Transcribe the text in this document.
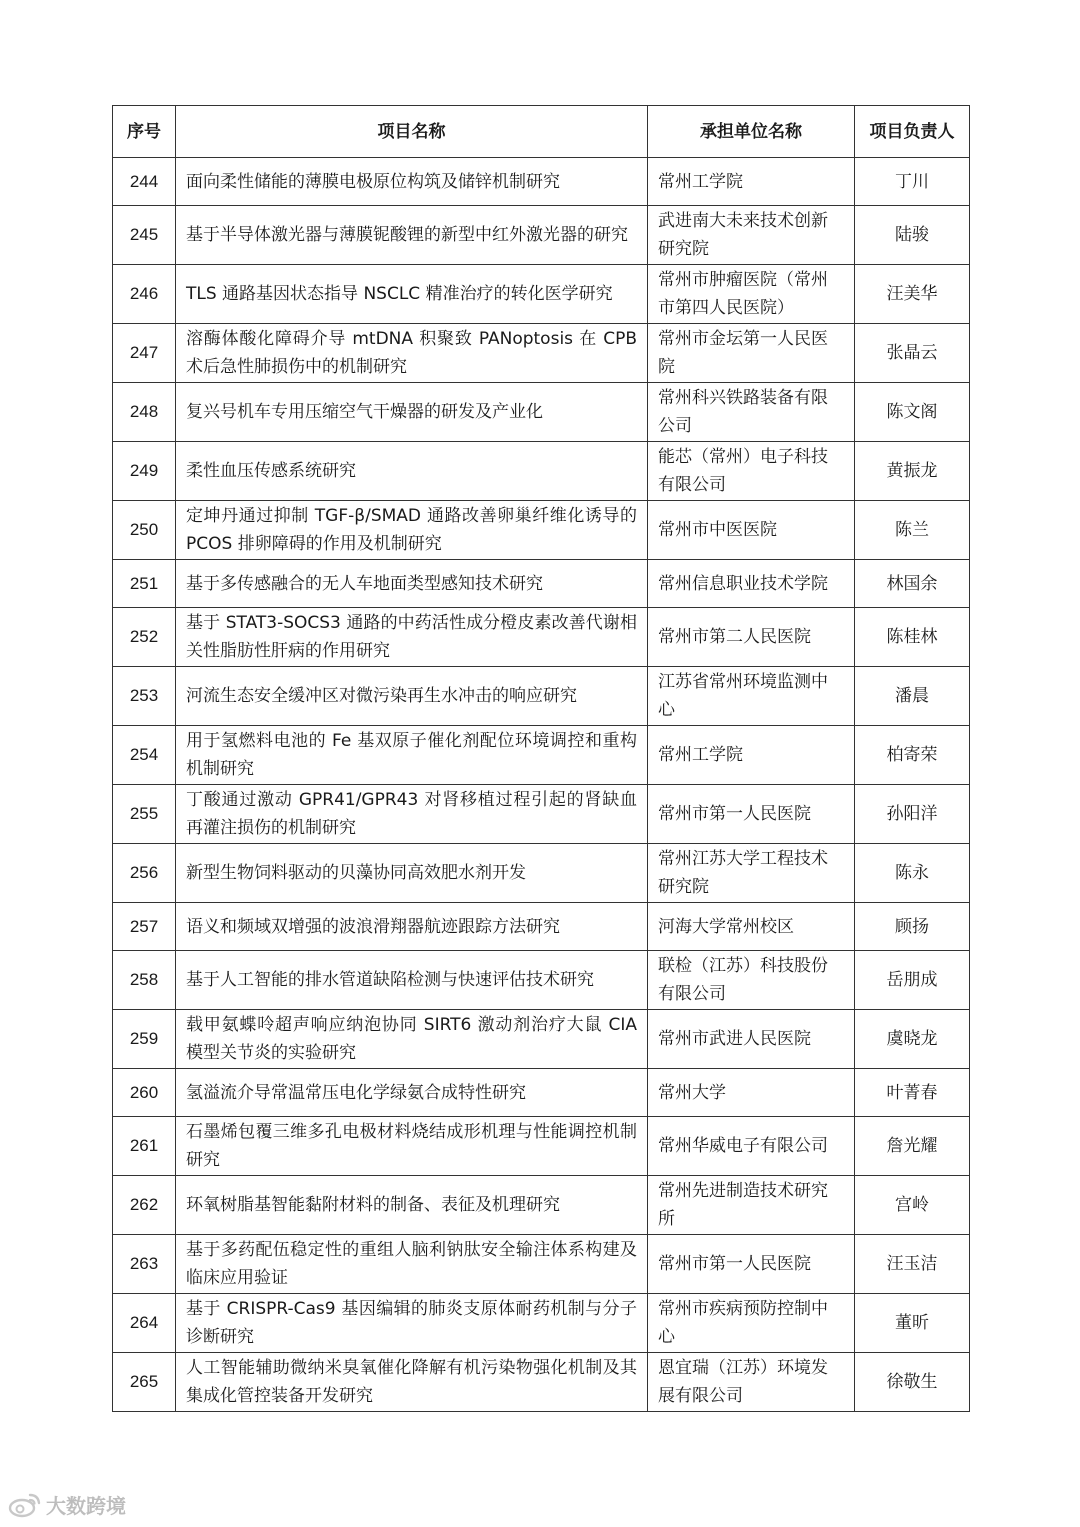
序号	项目名称	承担单位名称	项目负责人
244	面向柔性储能的薄膜电极原位构筑及储锌机制研究	常州工学院	丁川
245	基于半导体激光器与薄膜铌酸锂的新型中红外激光器的研究	武进南大未来技术创新研究院	陆骏
246	TLS 通路基因状态指导 NSCLC 精准治疗的转化医学研究	常州市肿瘤医院（常州市第四人民医院）	汪美华
247	溶酶体酸化障碍介导 mtDNA 积聚致 PANoptosis 在 CPB 术后急性肺损伤中的机制研究	常州市金坛第一人民医院	张晶云
248	复兴号机车专用压缩空气干燥器的研发及产业化	常州科兴铁路装备有限公司	陈文阁
249	柔性血压传感系统研究	能芯（常州）电子科技有限公司	黄振龙
250	定坤丹通过抑制 TGF-β/SMAD 通路改善卵巢纤维化诱导的 PCOS 排卵障碍的作用及机制研究	常州市中医医院	陈兰
251	基于多传感融合的无人车地面类型感知技术研究	常州信息职业技术学院	林国余
252	基于 STAT3-SOCS3 通路的中药活性成分橙皮素改善代谢相关性脂肪性肝病的作用研究	常州市第二人民医院	陈桂林
253	河流生态安全缓冲区对微污染再生水冲击的响应研究	江苏省常州环境监测中心	潘晨
254	用于氢燃料电池的 Fe 基双原子催化剂配位环境调控和重构机制研究	常州工学院	柏寄荣
255	丁酸通过激动 GPR41/GPR43 对肾移植过程引起的肾缺血再灌注损伤的机制研究	常州市第一人民医院	孙阳洋
256	新型生物饲料驱动的贝藻协同高效肥水剂开发	常州江苏大学工程技术研究院	陈永
257	语义和频域双增强的波浪滑翔器航迹跟踪方法研究	河海大学常州校区	顾扬
258	基于人工智能的排水管道缺陷检测与快速评估技术研究	联检（江苏）科技股份有限公司	岳朋成
259	载甲氨蝶呤超声响应纳泡协同 SIRT6 激动剂治疗大鼠 CIA 模型关节炎的实验研究	常州市武进人民医院	虞晓龙
260	氢溢流介导常温常压电化学绿氨合成特性研究	常州大学	叶菁春
261	石墨烯包覆三维多孔电极材料烧结成形机理与性能调控机制研究	常州华威电子有限公司	詹光耀
262	环氧树脂基智能黏附材料的制备、表征及机理研究	常州先进制造技术研究所	宫岭
263	基于多药配伍稳定性的重组人脑利钠肽安全输注体系构建及临床应用验证	常州市第一人民医院	汪玉洁
264	基于 CRISPR-Cas9 基因编辑的肺炎支原体耐药机制与分子诊断研究	常州市疾病预防控制中心	董昕
265	人工智能辅助微纳米臭氧催化降解有机污染物强化机制及其集成化管控装备开发研究	恩宜瑞（江苏）环境发展有限公司	徐敬生
大数跨境
